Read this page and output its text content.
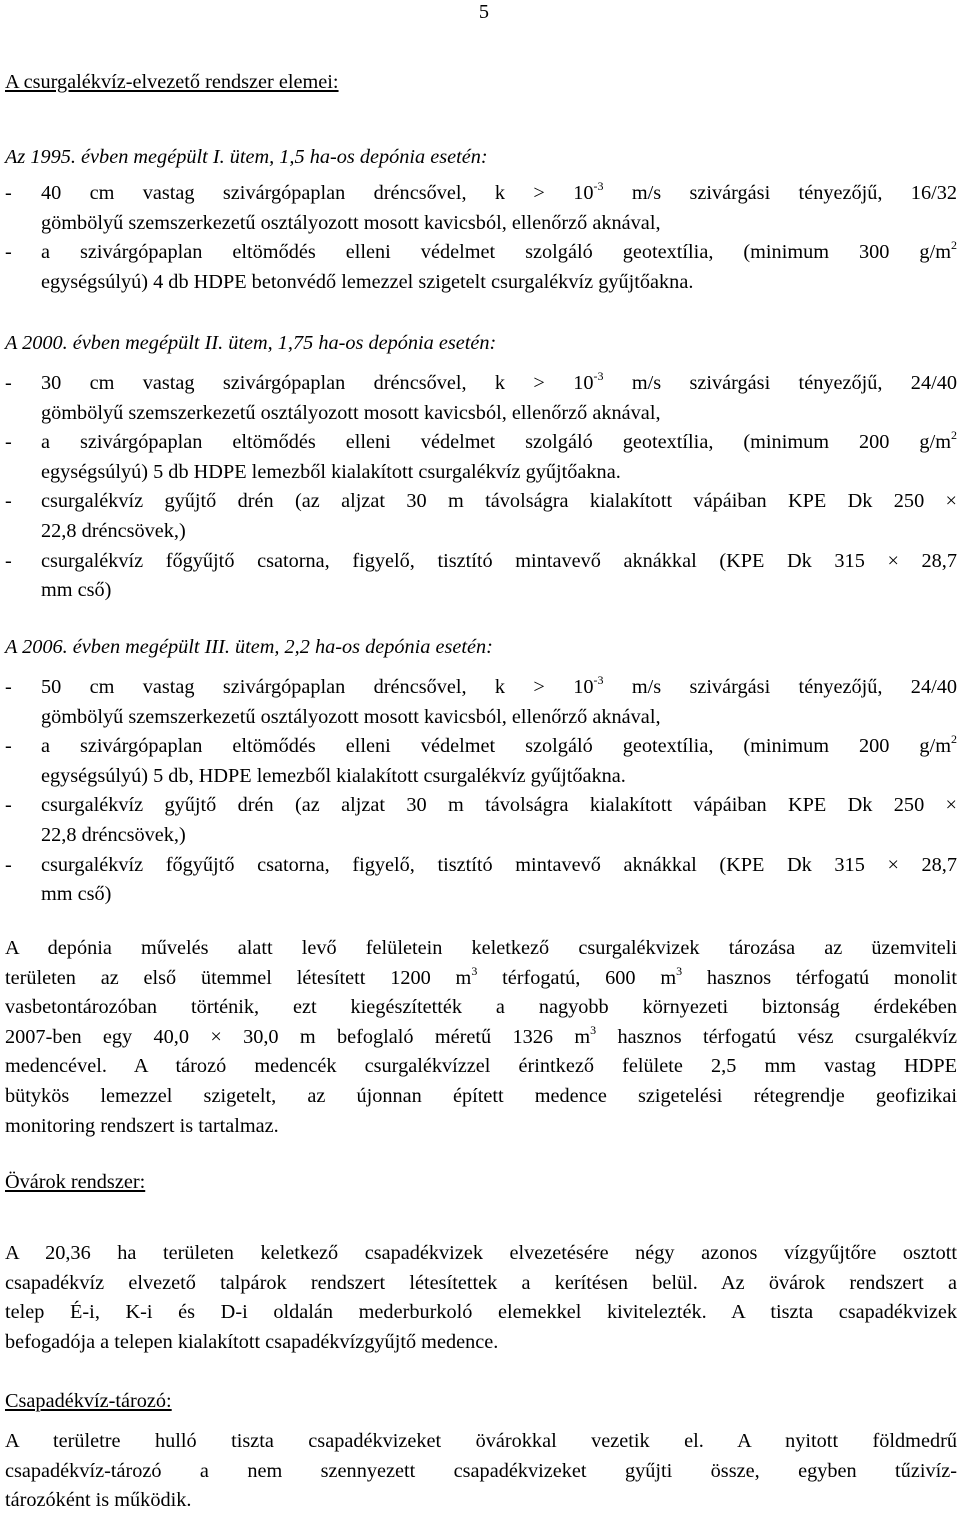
5
A csurgalékvíz-elvezető rendszer elemei:
Az 1995. évben megépült I. ütem, 1,5 ha-os depónia esetén:
- 40 cm vastag szivárgópaplan dréncsővel, $k > 10^{-3}$ m/s szivárgási tényezőjű, 16/32
gömbölyű szemszerkezetű osztályozott mosott kavicsból, ellenőrző aknával,
- a szivárgópaplan eltömődés elleni védelmet szolgáló geotextília, (minimum 300 $g/m^2$
egységsúlyú) 4 db HDPE betonvédő lemezzel szigetelt csurgalékvíz gyűjtőakna.
A 2000. évben megépült II. ütem, 1,75 ha-os depónia esetén:
- 30 cm vastag szivárgópaplan dréncsővel, $k > 10^{-3}$ m/s szivárgási tényezőjű, 24/40
gömbölyű szemszerkezetű osztályozott mosott kavicsból, ellenőrző aknával,
- a szivárgópaplan eltömődés elleni védelmet szolgáló geotextília, (minimum 200 $g/m^2$
egységsúlyú) 5 db HDPE lemezből kialakított csurgalékvíz gyűjtőakna.
- csurgalékvíz gyűjtő drén (az aljzat 30 m távolságra kialakított vápáiban KPE Dk 250 ×
22,8 dréncsövek,)
- csurgalékvíz főgyűjtő csatorna, figyelő, tisztító mintavevő aknákkal (KPE Dk 315 × 28,7
mm cső)
A 2006. évben megépült III. ütem, 2,2 ha-os depónia esetén:
- 50 cm vastag szivárgópaplan dréncsővel, $k > 10^{-3}$ m/s szivárgási tényezőjű, 24/40
gömbölyű szemszerkezetű osztályozott mosott kavicsból, ellenőrző aknával,
- a szivárgópaplan eltömődés elleni védelmet szolgáló geotextília, (minimum 200 $g/m^2$
egységsúlyú) 5 db, HDPE lemezből kialakított csurgalékvíz gyűjtőakna.
- csurgalékvíz gyűjtő drén (az aljzat 30 m távolságra kialakított vápáiban KPE Dk 250 ×
22,8 dréncsövek,)
- csurgalékvíz főgyűjtő csatorna, figyelő, tisztító mintavevő aknákkal (KPE Dk 315 × 28,7
mm cső)
A depónia művelés alatt levő felületein keletkező csurgalékvizek tározása az üzemviteli
területen az első ütemmel létesített 1200 $m^3$ térfogatú, 600 $m^3$ hasznos térfogatú monolit
vasbetontározóban történik, ezt kiegészítették a nagyobb környezeti biztonság érdekében
2007-ben egy 40,0 × 30,0 m befoglaló méretű 1326 $m^3$ hasznos térfogatú vész csurgalékvíz
medencével. A tározó medencék csurgalékvízzel érintkező felülete 2,5 mm vastag HDPE
bütykös lemezzel szigetelt, az újonnan épített medence szigetelési rétegrendje geofizikai
monitoring rendszert is tartalmaz.
Övárok rendszer:
A 20,36 ha területen keletkező csapadékvizek elvezetésére négy azonos vízgyűjtőre osztott
csapadékvíz elvezető talpárok rendszert létesítettek a kerítésen belül. Az övárok rendszert a
telep É-i, K-i és D-i oldalán mederburkoló elemekkel kivitelezték. A tiszta csapadékvizek
befogadója a telepen kialakított csapadékvízgyűjtő medence.
Csapadékvíz-tározó:
A területre hulló tiszta csapadékvizeket övárokkal vezetik el. A nyitott földmedrű
csapadékvíz-tározó a nem szennyezett csapadékvizeket gyűjti össze, egyben tűzivíz-
tározóként is működik.
